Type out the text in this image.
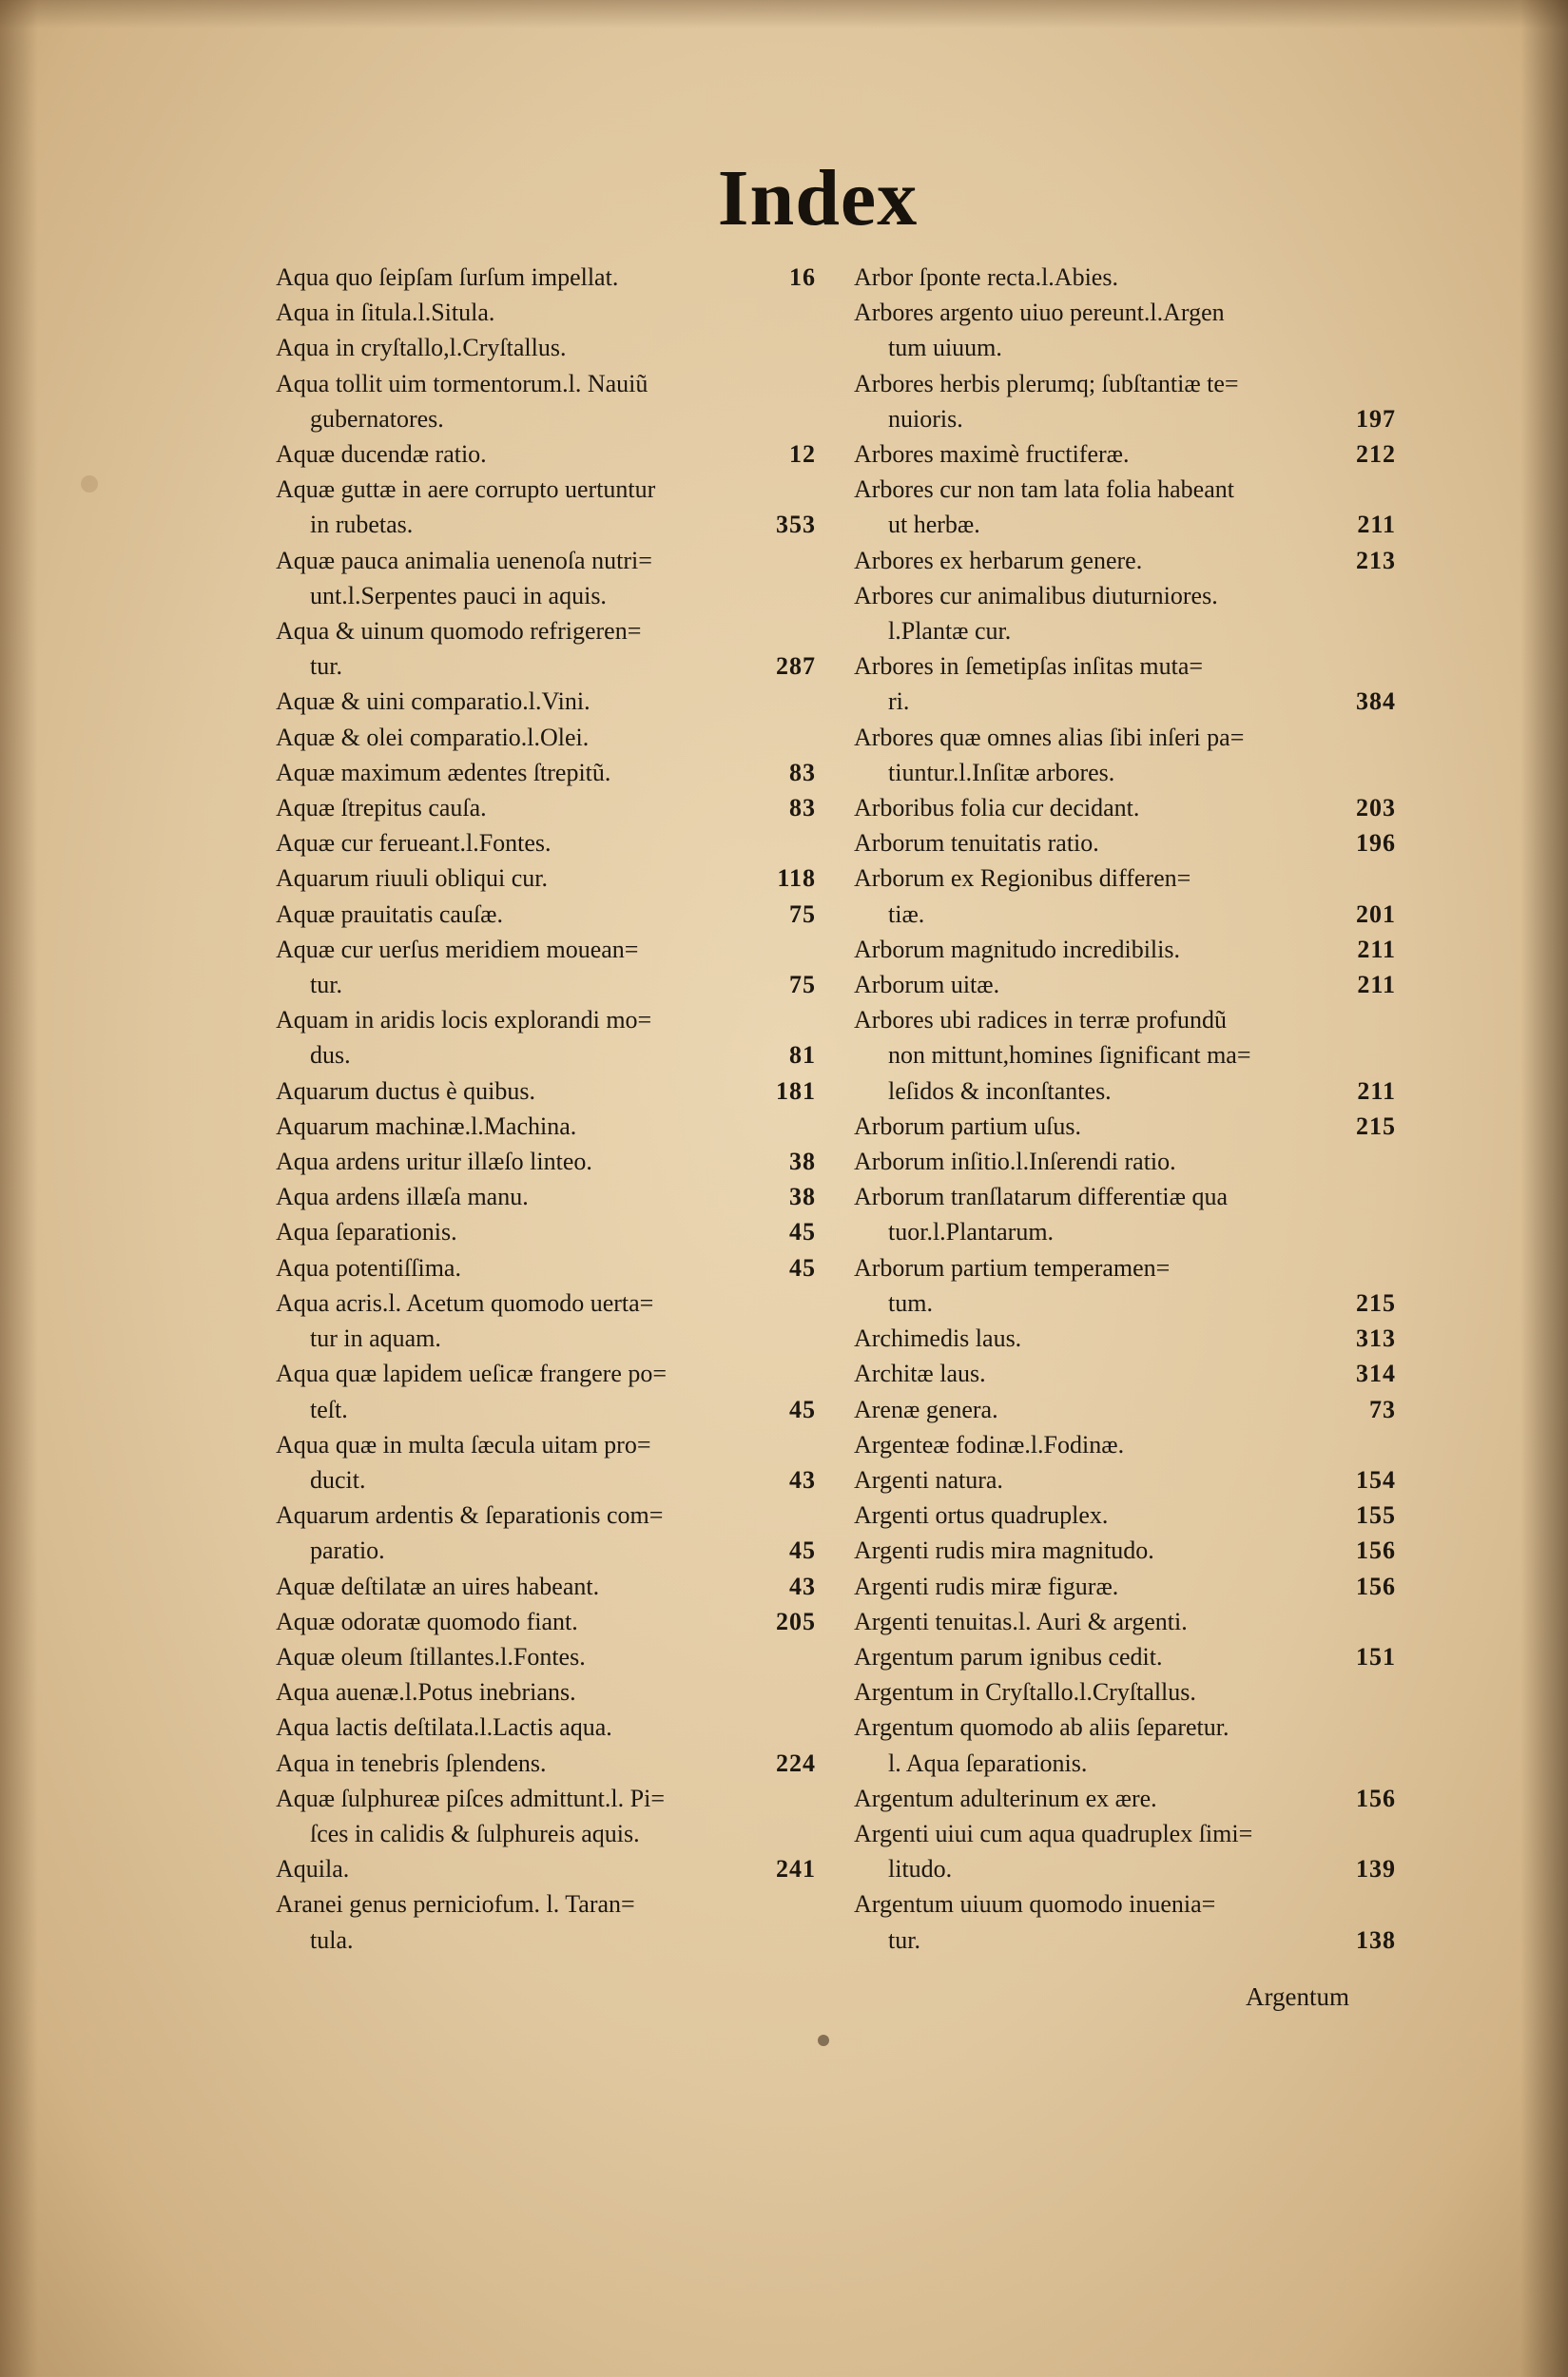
Index
Aqua quo ſeipſam ſurſum impellat.	16
Aqua in ſitula.l.Situla.
Aqua in cryſtallo,l.Cryſtallus.
Aqua tollit uim tormentorum.l. Nauiũ
gubernatores.
Aquæ ducendæ ratio.	12
Aquæ guttæ in aere corrupto uertuntur
in rubetas.	353
Aquæ pauca animalia uenenoſa nutri=
unt.l.Serpentes pauci in aquis.
Aqua & uinum quomodo refrigeren=
tur.	287
Aquæ & uini comparatio.l.Vini.
Aquæ & olei comparatio.l.Olei.
Aquæ maximum ædentes ſtrepitũ.	83
Aquæ ſtrepitus cauſa.	83
Aquæ cur ferueant.l.Fontes.
Aquarum riuuli obliqui cur.	118
Aquæ prauitatis cauſæ.	75
Aquæ cur uerſus meridiem mouean=
tur.	75
Aquam in aridis locis explorandi mo=
dus.	81
Aquarum ductus è quibus.	181
Aquarum machinæ.l.Machina.
Aqua ardens uritur illæſo linteo.	38
Aqua ardens illæſa manu.	38
Aqua ſeparationis.	45
Aqua potentiſſima.	45
Aqua acris.l. Acetum quomodo uerta=
tur in aquam.
Aqua quæ lapidem ueſicæ frangere po=
teſt.	45
Aqua quæ in multa ſæcula uitam pro=
ducit.	43
Aquarum ardentis & ſeparationis com=
paratio.	45
Aquæ deſtilatæ an uires habeant.	43
Aquæ odoratæ quomodo fiant.	205
Aquæ oleum ſtillantes.l.Fontes.
Aqua auenæ.l.Potus inebrians.
Aqua lactis deſtilata.l.Lactis aqua.
Aqua in tenebris ſplendens.	224
Aquæ ſulphureæ piſces admittunt.l. Pi=
ſces in calidis & ſulphureis aquis.
Aquila.	241
Aranei genus perniciofum. l. Taran=
tula.
Arbor ſponte recta.l.Abies.
Arbores argento uiuo pereunt.l.Argen
tum uiuum.
Arbores herbis plerumq; ſubſtantiæ te=
nuioris.	197
Arbores maximè fructiferæ.	212
Arbores cur non tam lata folia habeant
ut herbæ.	211
Arbores ex herbarum genere.	213
Arbores cur animalibus diuturniores.
l.Plantæ cur.
Arbores in ſemetipſas inſitas muta=
ri.	384
Arbores quæ omnes alias ſibi inſeri pa=
tiuntur.l.Inſitæ arbores.
Arboribus folia cur decidant.	203
Arborum tenuitatis ratio.	196
Arborum ex Regionibus differen=
tiæ.	201
Arborum magnitudo incredibilis.	211
Arborum uitæ.	211
Arbores ubi radices in terræ profundũ
non mittunt,homines ſignificant ma=
leſidos & inconſtantes.	211
Arborum partium uſus.	215
Arborum inſitio.l.Inſerendi ratio.
Arborum tranſlatarum differentiæ qua
tuor.l.Plantarum.
Arborum partium temperamen=
tum.	215
Archimedis laus.	313
Architæ laus.	314
Arenæ genera.	73
Argenteæ fodinæ.l.Fodinæ.
Argenti natura.	154
Argenti ortus quadruplex.	155
Argenti rudis mira magnitudo.	156
Argenti rudis miræ figuræ.	156
Argenti tenuitas.l. Auri & argenti.
Argentum parum ignibus cedit.	151
Argentum in Cryſtallo.l.Cryſtallus.
Argentum quomodo ab aliis ſeparetur.
l. Aqua ſeparationis.
Argentum adulterinum ex ære.	156
Argenti uiui cum aqua quadruplex ſimi=
litudo.	139
Argentum uiuum quomodo inuenia=
tur.	138
Argentum
